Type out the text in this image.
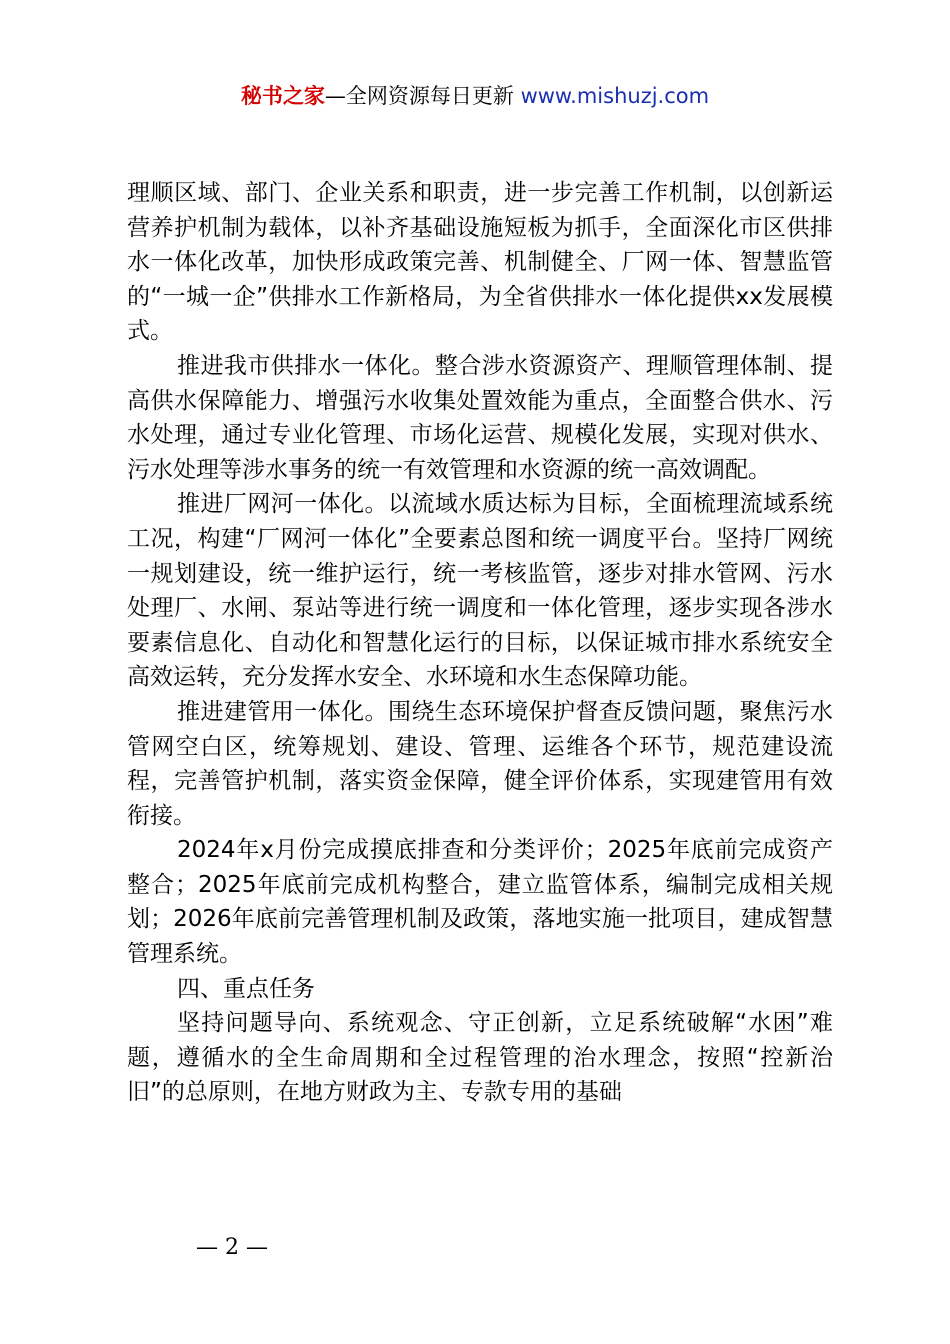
秘书之家—全网资源每日更新 www.mishuzj.com

理顺区域、部门、企业关系和职责，进一步完善工作机制，以创新运营养护机制为载体，以补齐基础设施短板为抓手，全面深化市区供排水一体化改革，加快形成政策完善、机制健全、厂网一体、智慧监管的“一城一企”供排水工作新格局，为全省供排水一体化提供xx发展模式。

推进我市供排水一体化。整合涉水资源资产、理顺管理体制、提高供水保障能力、增强污水收集处置效能为重点，全面整合供水、污水处理，通过专业化管理、市场化运营、规模化发展，实现对供水、污水处理等涉水事务的统一有效管理和水资源的统一高效调配。

推进厂网河一体化。以流域水质达标为目标，全面梳理流域系统工况，构建“厂网河一体化”全要素总图和统一调度平台。坚持厂网统一规划建设，统一维护运行，统一考核监管，逐步对排水管网、污水处理厂、水闸、泵站等进行统一调度和一体化管理，逐步实现各涉水要素信息化、自动化和智慧化运行的目标，以保证城市排水系统安全高效运转，充分发挥水安全、水环境和水生态保障功能。

推进建管用一体化。围绕生态环境保护督查反馈问题，聚焦污水管网空白区，统筹规划、建设、管理、运维各个环节，规范建设流程，完善管护机制，落实资金保障，健全评价体系，实现建管用有效衔接。

2024年x月份完成摸底排查和分类评价；2025年底前完成资产整合；2025年底前完成机构整合，建立监管体系，编制完成相关规划；2026年底前完善管理机制及政策，落地实施一批项目，建成智慧管理系统。

四、重点任务

坚持问题导向、系统观念、守正创新，立足系统破解“水困”难题，遵循水的全生命周期和全过程管理的治水理念，按照“控新治旧”的总原则，在地方财政为主、专款专用的基础

— 2 —
